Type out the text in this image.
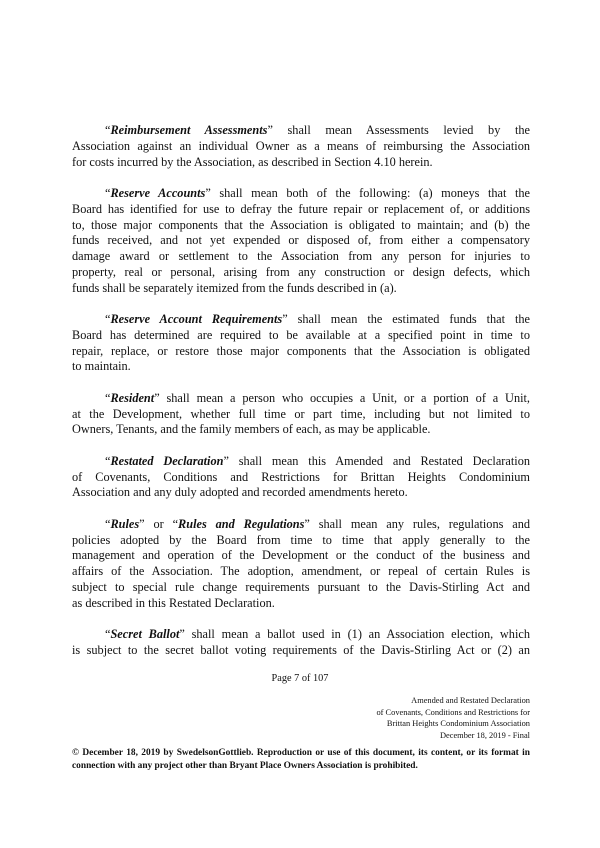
“Reimbursement Assessments” shall mean Assessments levied by the
Association against an individual Owner as a means of reimbursing the Association
for costs incurred by the Association, as described in Section 4.10 herein.
“Reserve Accounts” shall mean both of the following: (a) moneys that the
Board has identified for use to defray the future repair or replacement of, or additions
to, those major components that the Association is obligated to maintain; and (b) the
funds received, and not yet expended or disposed of, from either a compensatory
damage award or settlement to the Association from any person for injuries to
property, real or personal, arising from any construction or design defects, which
funds shall be separately itemized from the funds described in (a).
“Reserve Account Requirements” shall mean the estimated funds that the
Board has determined are required to be available at a specified point in time to
repair, replace, or restore those major components that the Association is obligated
to maintain.
“Resident” shall mean a person who occupies a Unit, or a portion of a Unit,
at the Development, whether full time or part time, including but not limited to
Owners, Tenants, and the family members of each, as may be applicable.
“Restated Declaration” shall mean this Amended and Restated Declaration
of Covenants, Conditions and Restrictions for Brittan Heights Condominium
Association and any duly adopted and recorded amendments hereto.
“Rules” or “Rules and Regulations” shall mean any rules, regulations and
policies adopted by the Board from time to time that apply generally to the
management and operation of the Development or the conduct of the business and
affairs of the Association. The adoption, amendment, or repeal of certain Rules is
subject to special rule change requirements pursuant to the Davis-Stirling Act and
as described in this Restated Declaration.
“Secret Ballot” shall mean a ballot used in (1) an Association election, which
is subject to the secret ballot voting requirements of the Davis-Stirling Act or (2) an
Page 7 of 107
Amended and Restated Declaration
of Covenants, Conditions and Restrictions for
Brittan Heights Condominium Association
December 18, 2019 - Final
© December 18, 2019 by SwedelsonGottlieb. Reproduction or use of this document, its content, or its format in
connection with any project other than Bryant Place Owners Association is prohibited.
